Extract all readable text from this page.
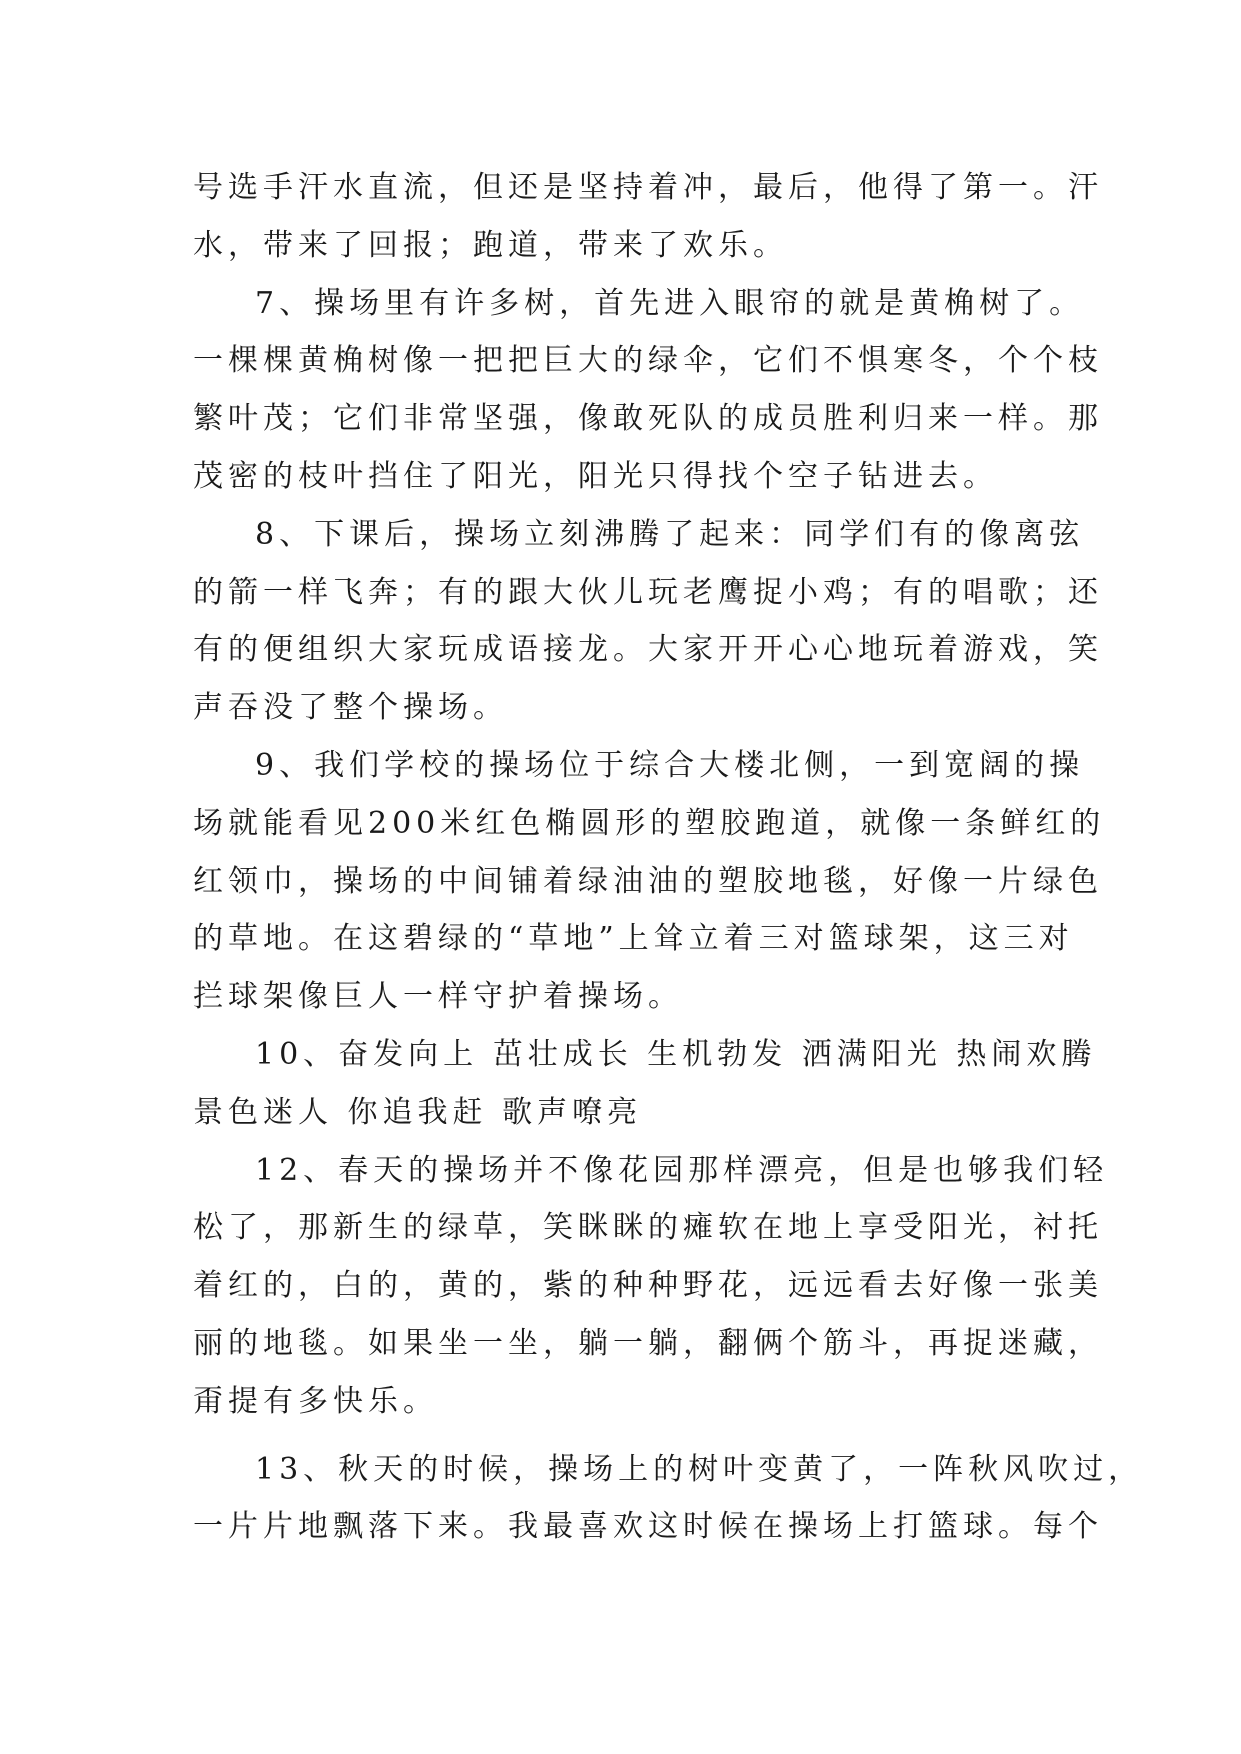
号选手汗水直流，但还是坚持着冲，最后，他得了第一。汗
水，带来了回报；跑道，带来了欢乐。

7、操场里有许多树，首先进入眼帘的就是黄桷树了。
一棵棵黄桷树像一把把巨大的绿伞，它们不惧寒冬，个个枝
繁叶茂；它们非常坚强，像敢死队的成员胜利归来一样。那
茂密的枝叶挡住了阳光，阳光只得找个空子钻进去。

8、下课后，操场立刻沸腾了起来：同学们有的像离弦
的箭一样飞奔；有的跟大伙儿玩老鹰捉小鸡；有的唱歌；还
有的便组织大家玩成语接龙。大家开开心心地玩着游戏，笑
声吞没了整个操场。

9、我们学校的操场位于综合大楼北侧，一到宽阔的操
场就能看见200米红色椭圆形的塑胶跑道，就像一条鲜红的
红领巾，操场的中间铺着绿油油的塑胶地毯，好像一片绿色
的草地。在这碧绿的“草地”上耸立着三对篮球架，这三对
拦球架像巨人一样守护着操场。

10、奋发向上 茁壮成长 生机勃发 洒满阳光 热闹欢腾
景色迷人 你追我赶 歌声嘹亮

12、春天的操场并不像花园那样漂亮，但是也够我们轻
松了，那新生的绿草，笑眯眯的瘫软在地上享受阳光，衬托
着红的，白的，黄的，紫的种种野花，远远看去好像一张美
丽的地毯。如果坐一坐，躺一躺，翻俩个筋斗，再捉迷藏，
甭提有多快乐。

13、秋天的时候，操场上的树叶变黄了，一阵秋风吹过，
一片片地飘落下来。我最喜欢这时候在操场上打篮球。每个
